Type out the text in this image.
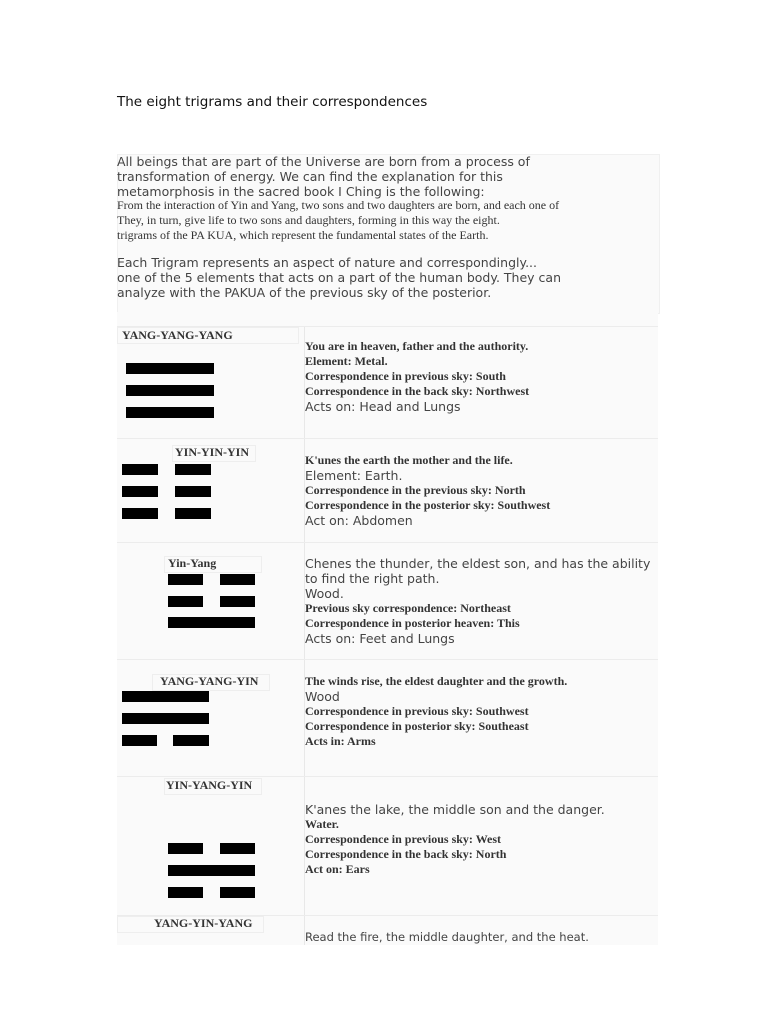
The eight trigrams and their correspondences
All beings that are part of the Universe are born from a process of
transformation of energy. We can find the explanation for this
metamorphosis in the sacred book I Ching is the following:
From the interaction of Yin and Yang, two sons and two daughters are born, and each one of
They, in turn, give life to two sons and daughters, forming in this way the eight.
trigrams of the PA KUA, which represent the fundamental states of the Earth.
Each Trigram represents an aspect of nature and correspondingly...
one of the 5 elements that acts on a part of the human body. They can
analyze with the PAKUA of the previous sky of the posterior.
YANG-YANG-YANG
You are in heaven, father and the authority.
Element: Metal.
Correspondence in previous sky: South
Correspondence in the back sky: Northwest
Acts on: Head and Lungs
YIN-YIN-YIN
K'unes the earth the mother and the life.
Element: Earth.
Correspondence in the previous sky: North
Correspondence in the posterior sky: Southwest
Act on: Abdomen
Yin-Yang	Chenes the thunder, the eldest son, and has the ability
to find the right path.
Wood.
Previous sky correspondence: Northeast
Correspondence in posterior heaven: This
Acts on: Feet and Lungs
YANG-YANG-YIN	The winds rise, the eldest daughter and the growth.
Wood
Correspondence in previous sky: Southwest
Correspondence in posterior sky: Southeast
Acts in: Arms
YIN-YANG-YIN
K'anes the lake, the middle son and the danger.
Water.
Correspondence in previous sky: West
Correspondence in the back sky: North
Act on: Ears
YANG-YIN-YANG
Read the fire, the middle daughter, and the heat.
